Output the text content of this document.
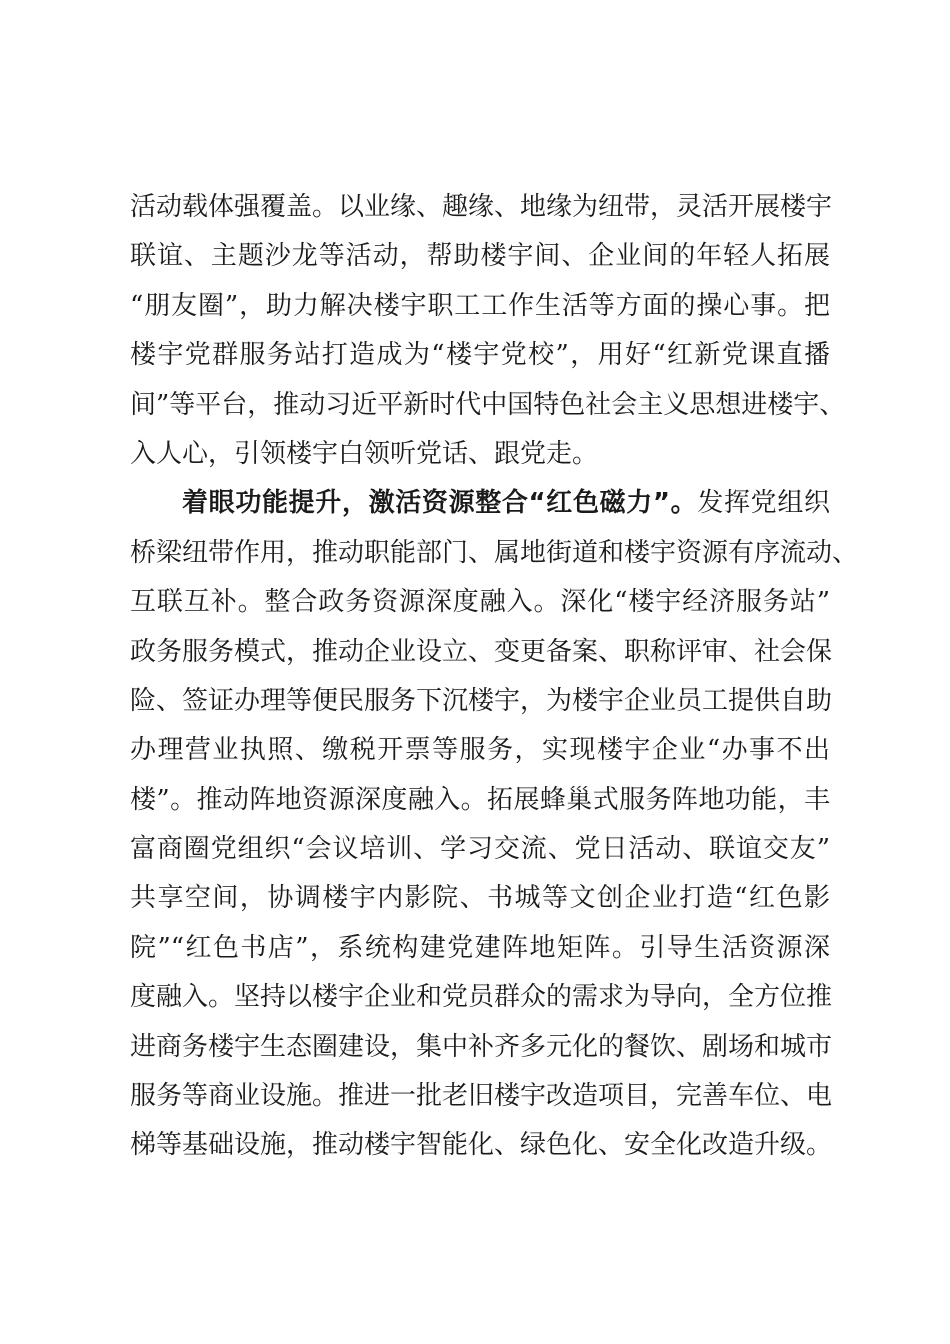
活动载体强覆盖。以业缘、趣缘、地缘为纽带，灵活开展楼宇
联谊、主题沙龙等活动，帮助楼宇间、企业间的年轻人拓展
“朋友圈”，助力解决楼宇职工工作生活等方面的操心事。把
楼宇党群服务站打造成为“楼宇党校”，用好“红新党课直播
间”等平台，推动习近平新时代中国特色社会主义思想进楼宇、
入人心，引领楼宇白领听党话、跟党走。
着眼功能提升，激活资源整合“红色磁力”。发挥党组织
桥梁纽带作用，推动职能部门、属地街道和楼宇资源有序流动、
互联互补。整合政务资源深度融入。深化“楼宇经济服务站”
政务服务模式，推动企业设立、变更备案、职称评审、社会保
险、签证办理等便民服务下沉楼宇，为楼宇企业员工提供自助
办理营业执照、缴税开票等服务，实现楼宇企业“办事不出
楼”。推动阵地资源深度融入。拓展蜂巢式服务阵地功能，丰
富商圈党组织“会议培训、学习交流、党日活动、联谊交友”
共享空间，协调楼宇内影院、书城等文创企业打造“红色影
院”“红色书店”，系统构建党建阵地矩阵。引导生活资源深
度融入。坚持以楼宇企业和党员群众的需求为导向，全方位推
进商务楼宇生态圈建设，集中补齐多元化的餐饮、剧场和城市
服务等商业设施。推进一批老旧楼宇改造项目，完善车位、电
梯等基础设施，推动楼宇智能化、绿色化、安全化改造升级。
